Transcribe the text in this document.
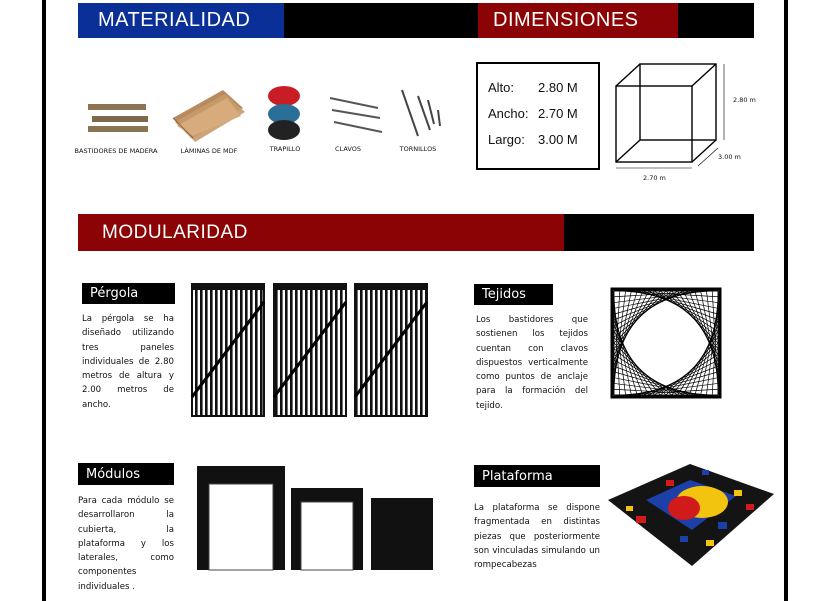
MATERIALIDAD	DIMENSIONES
BASTIDORES DE MADERA	LÁMINAS DE MDF	TRAPILLO	CLAVOS	TORNILLOS
Alto:	2.80 M
Ancho: 2.70 M
Largo:	3.00 M
2.80 m
3.00 m
2.70 m
MODULARIDAD
Pérgola
La pérgola se ha diseñado utilizando tres paneles individuales de 2.80 metros de altura y 2.00 metros de ancho.
Tejidos
Los bastidores que sostienen los tejidos cuentan con clavos dispuestos verticalmente como puntos de anclaje para la formación del tejido.
Módulos
Para cada módulo se desarrollaron la cubierta, la plataforma y los laterales, como componentes individuales .
Plataforma
La plataforma se dispone fragmentada en distintas piezas que posteriormente son vinculadas simulando un rompecabezas
